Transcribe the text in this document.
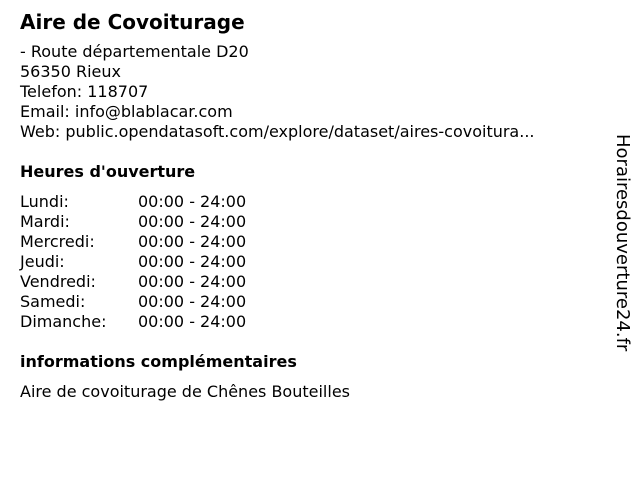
Aire de Covoiturage
- Route départementale D20
56350 Rieux
Telefon: 118707
Email: info@blablacar.com
Web: public.opendatasoft.com/explore/dataset/aires-covoitura...
Heures d'ouverture
Lundi:	00:00 - 24:00
Mardi:	00:00 - 24:00
Mercredi:	00:00 - 24:00
Jeudi:	00:00 - 24:00
Vendredi:	00:00 - 24:00
Samedi:	00:00 - 24:00
Dimanche:	00:00 - 24:00
informations complémentaires
Aire de covoiturage de Chênes Bouteilles
Horairesdouverture24.fr
